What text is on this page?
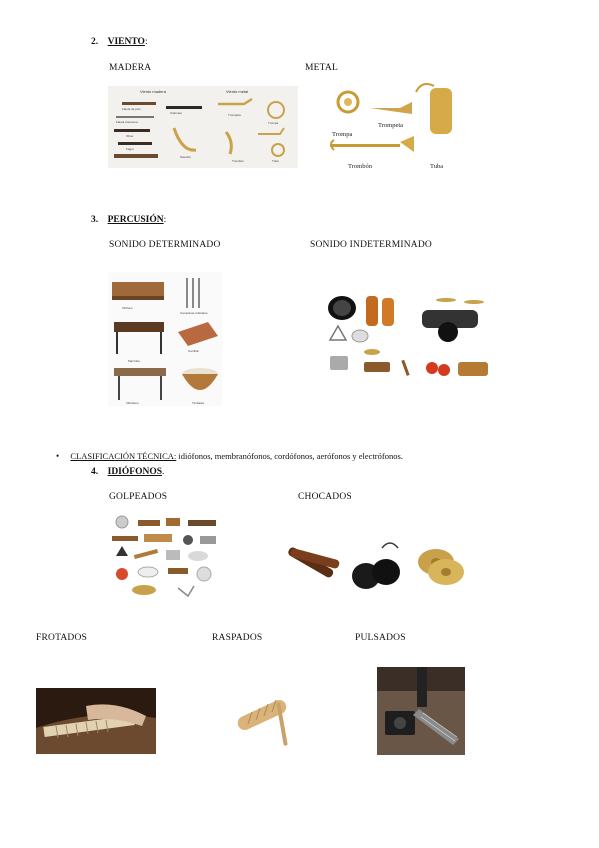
2. VIENTO:
MADERA	METAL
Viento madera	Viento metal
Flauta de pico
Flauta travesera
Oboe
Fagot
Clarinete
Saxofón
Trompeta
Trompa
Tuba
Trombón
Trompa
Trompeta
Trombón	Tuba
3. PERCUSIÓN:
SONIDO DETERMINADO	SONIDO INDETERMINADO
Xilófono
Campanas tubulares
Marimba
Carrillón
Vibráfono	Timbales
• CLASIFICACIÓN TÉCNICA: idiófonos, membranófonos, cordófonos, aerófonos y electrófonos.
4. IDIÓFONOS.
GOLPEADOS	CHOCADOS
FROTADOS	RASPADOS	PULSADOS
